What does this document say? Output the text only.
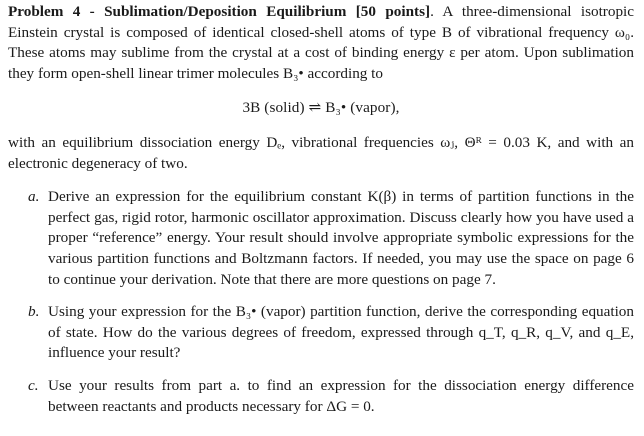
Problem 4 - Sublimation/Deposition Equilibrium [50 points]. A three-dimensional isotropic Einstein crystal is composed of identical closed-shell atoms of type B of vibrational frequency ω₀. These atoms may sublime from the crystal at a cost of binding energy ε per atom. Upon sublimation they form open-shell linear trimer molecules B₃• according to
3B (solid) ⇌ B₃• (vapor),
with an equilibrium dissociation energy Dₑ, vibrational frequencies ωⱼ, Θᴿ = 0.03 K, and with an electronic degeneracy of two.
a. Derive an expression for the equilibrium constant K(β) in terms of partition functions in the perfect gas, rigid rotor, harmonic oscillator approximation. Discuss clearly how you have used a proper “reference” energy. Your result should involve appropriate symbolic expressions for the various partition functions and Boltzmann factors. If needed, you may use the space on page 6 to continue your derivation. Note that there are more questions on page 7.
b. Using your expression for the B₃• (vapor) partition function, derive the corresponding equation of state. How do the various degrees of freedom, expressed through q_T, q_R, q_V, and q_E, influence your result?
c. Use your results from part a. to find an expression for the dissociation energy difference between reactants and products necessary for ΔG = 0.
